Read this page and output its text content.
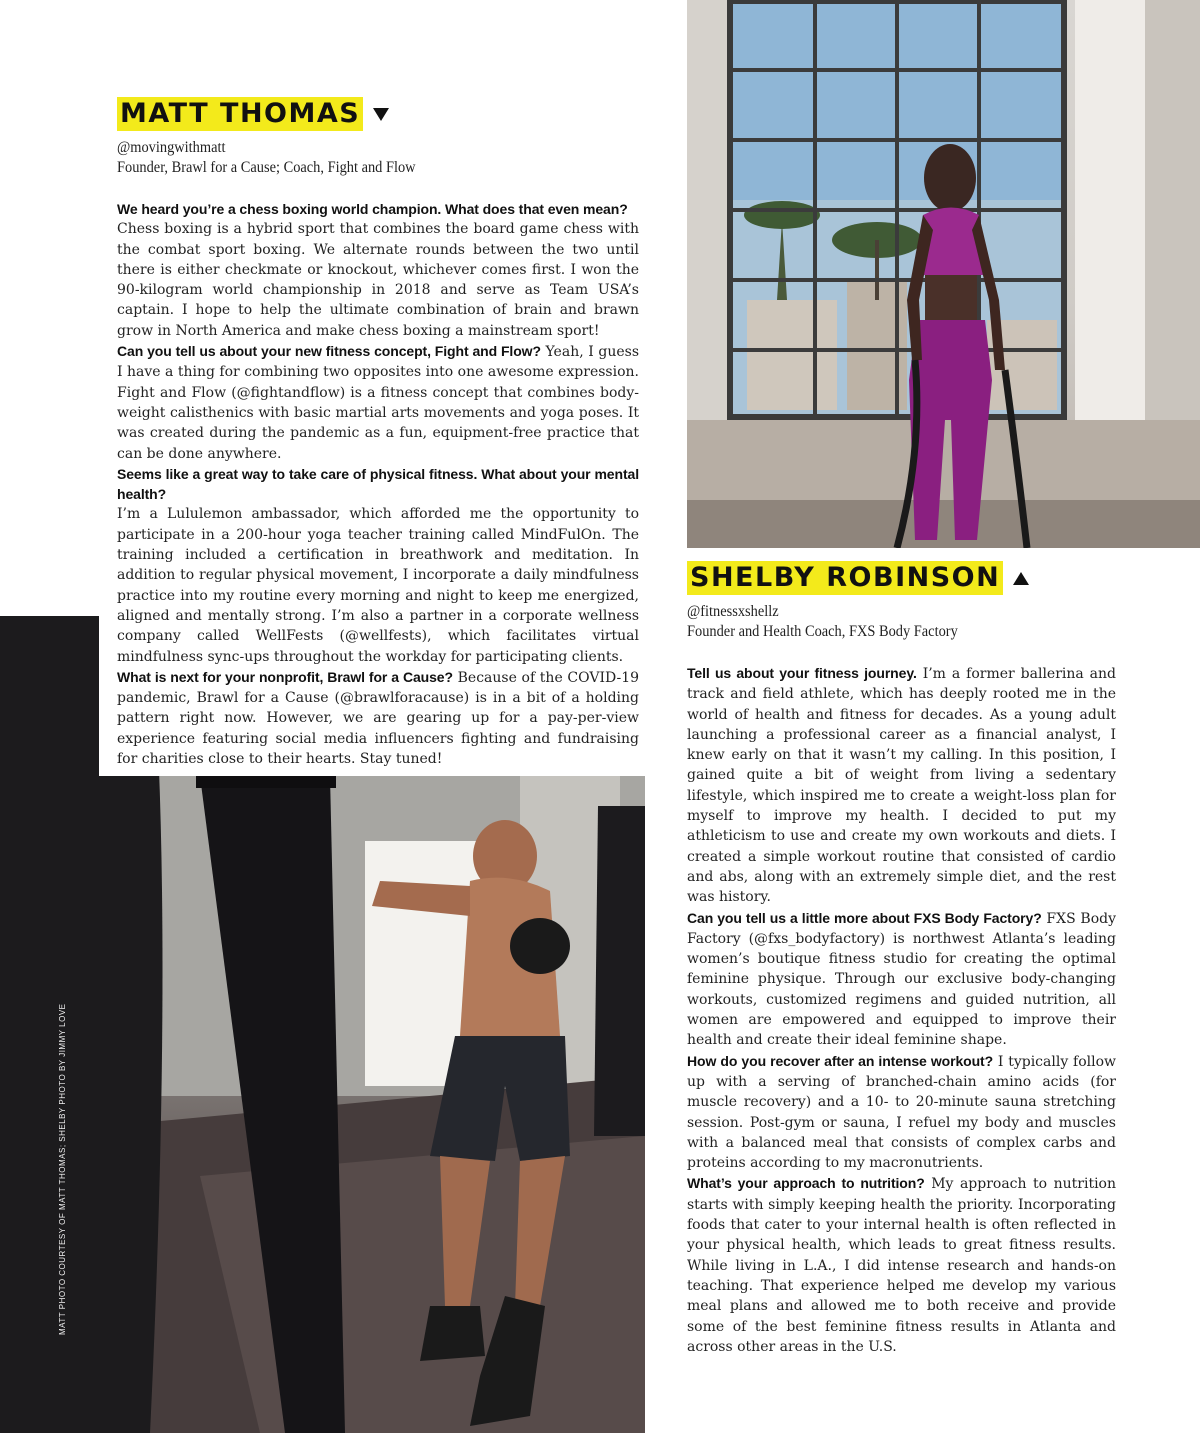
MATT PHOTO COURTESY OF MATT THOMAS; SHELBY PHOTO BY JIMMY LOVE
MATT THOMAS
@movingwithmatt
Founder, Brawl for a Cause; Coach, Fight and Flow

We heard you’re a chess boxing world champion. What does that even mean?
Chess boxing is a hybrid sport that combines the board game chess with the combat sport boxing. We alternate rounds between the two until there is either checkmate or knockout, whichever comes first. I won the 90-kilogram world championship in 2018 and serve as Team USA’s captain. I hope to help the ultimate combination of brain and brawn grow in North America and make chess boxing a mainstream sport!

Can you tell us about your new fitness concept, Fight and Flow? Yeah, I guess I have a thing for combining two opposites into one awesome expression. Fight and Flow (@fightandflow) is a fitness concept that combines body-weight calisthenics with basic martial arts movements and yoga poses. It was created during the pandemic as a fun, equipment-free practice that can be done anywhere.

Seems like a great way to take care of physical fitness. What about your mental health?
I’m a Lululemon ambassador, which afforded me the opportunity to participate in a 200-hour yoga teacher training called MindFulOn. The training included a certification in breathwork and meditation. In addition to regular physical movement, I incorporate a daily mindfulness practice into my routine every morning and night to keep me energized, aligned and mentally strong. I’m also a partner in a corporate wellness company called WellFests (@wellfests), which facilitates virtual mindfulness sync-ups throughout the workday for participating clients.

What is next for your nonprofit, Brawl for a Cause? Because of the COVID-19 pandemic, Brawl for a Cause (@brawlforacause) is in a bit of a holding pattern right now. However, we are gearing up for a pay-per-view experience featuring social media influencers fighting and fundraising for charities close to their hearts. Stay tuned!

SHELBY ROBINSON
@fitnessxshellz
Founder and Health Coach, FXS Body Factory

Tell us about your fitness journey. I’m a former ballerina and track and field athlete, which has deeply rooted me in the world of health and fitness for decades. As a young adult launching a professional career as a financial analyst, I knew early on that it wasn’t my calling. In this position, I gained quite a bit of weight from living a sedentary lifestyle, which inspired me to create a weight-loss plan for myself to improve my health. I decided to put my athleticism to use and create my own workouts and diets. I created a simple workout routine that consisted of cardio and abs, along with an extremely simple diet, and the rest was history.

Can you tell us a little more about FXS Body Factory? FXS Body Factory (@fxs_bodyfactory) is northwest Atlanta’s leading women’s boutique fitness studio for creating the optimal feminine physique. Through our exclusive body-changing workouts, customized regimens and guided nutrition, all women are empowered and equipped to improve their health and create their ideal feminine shape.

How do you recover after an intense workout? I typically follow up with a serving of branched-chain amino acids (for muscle recovery) and a 10- to 20-minute sauna stretching session. Post-gym or sauna, I refuel my body and muscles with a balanced meal that consists of complex carbs and proteins according to my macronutrients.

What’s your approach to nutrition? My approach to nutrition starts with simply keeping health the priority. Incorporating foods that cater to your internal health is often reflected in your physical health, which leads to great fitness results. While living in L.A., I did intense research and hands-on teaching. That experience helped me develop my various meal plans and allowed me to both receive and provide some of the best feminine fitness results in Atlanta and across other areas in the U.S.
